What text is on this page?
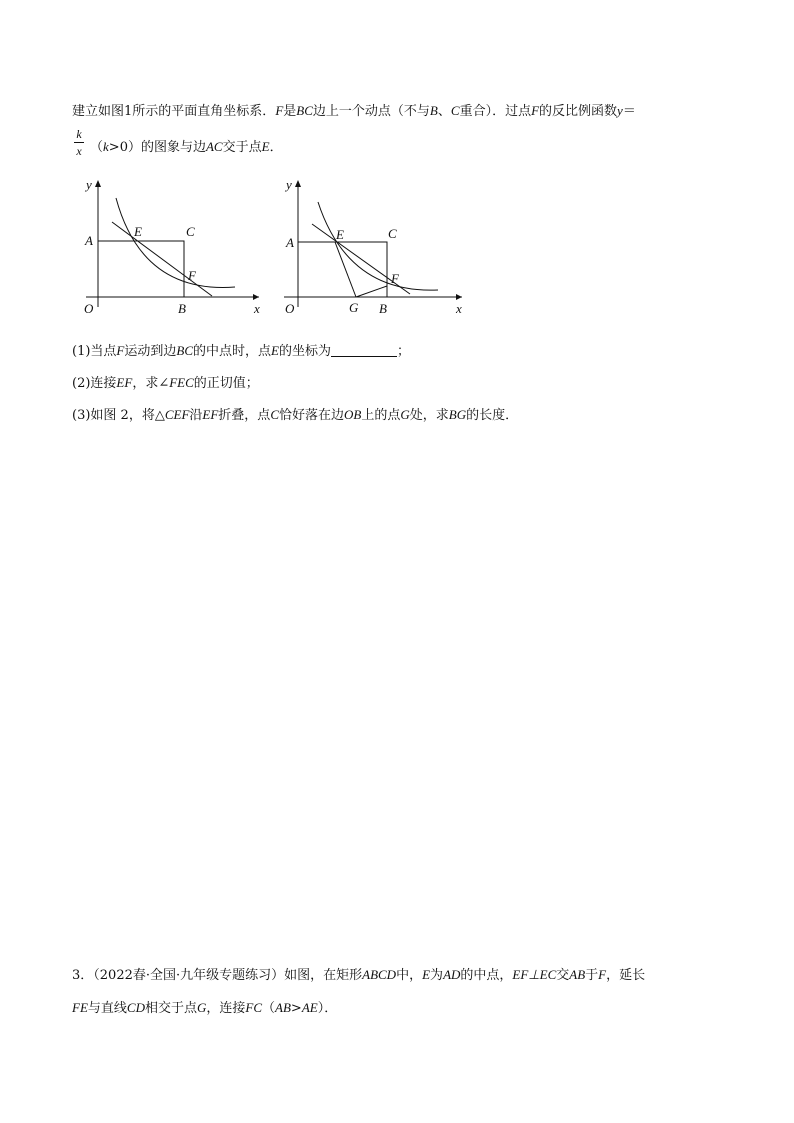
建立如图1所示的平面直角坐标系．F是BC边上一个动点（不与B、C重合）．过点F的反比例函数y＝
k
x （k>0）的图象与边AC交于点E．
y
x
O
A
E	C
F
B
y
x
O
A
E	C
F
G B
(1)当点F运动到边BC的中点时，点E的坐标为	；
(2)连接EF，求∠FEC的正切值；
(3)如图 2，将△CEF沿EF折叠，点C恰好落在边OB上的点G处，求BG的长度．
3．（2022春·全国·九年级专题练习）如图，在矩形ABCD中，E为AD的中点，EF⊥EC交AB于F，延长
FE与直线CD相交于点G，连接FC（AB>AE）．
